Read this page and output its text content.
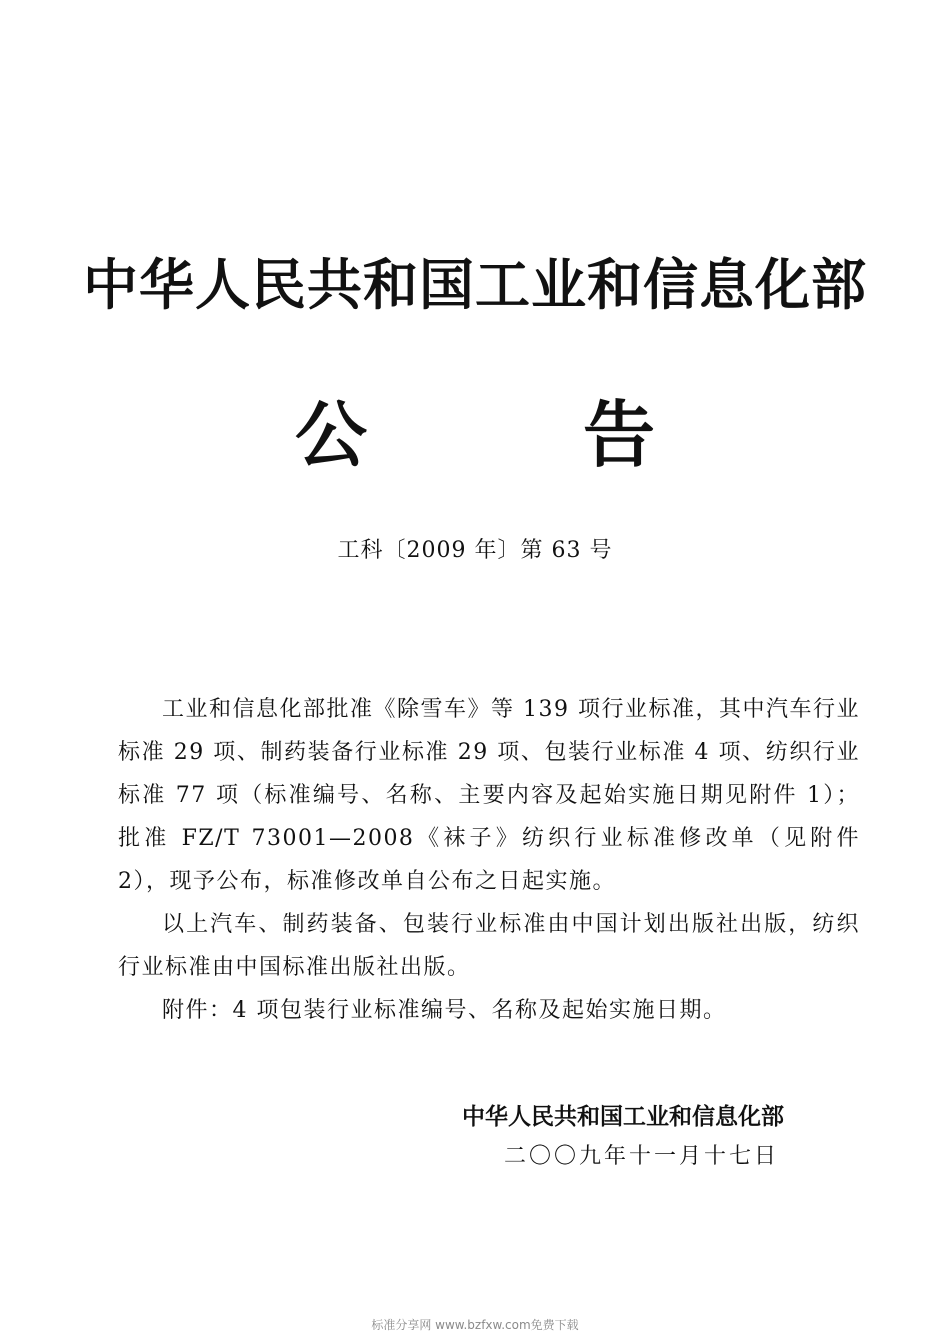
中华人民共和国工业和信息化部
公　　　告
工科〔2009 年〕第 63 号

工业和信息化部批准《除雪车》等 139 项行业标准，其中汽车行业标准 29 项、制药装备行业标准 29 项、包装行业标准 4 项、纺织行业标准 77 项（标准编号、名称、主要内容及起始实施日期见附件 1）；批准 FZ/T 73001—2008《袜子》纺织行业标准修改单（见附件 2），现予公布，标准修改单自公布之日起实施。

以上汽车、制药装备、包装行业标准由中国计划出版社出版，纺织行业标准由中国标准出版社出版。

附件：4 项包装行业标准编号、名称及起始实施日期。

中华人民共和国工业和信息化部
二〇〇九年十一月十七日
标准分享网 www.bzfxw.com免费下载
